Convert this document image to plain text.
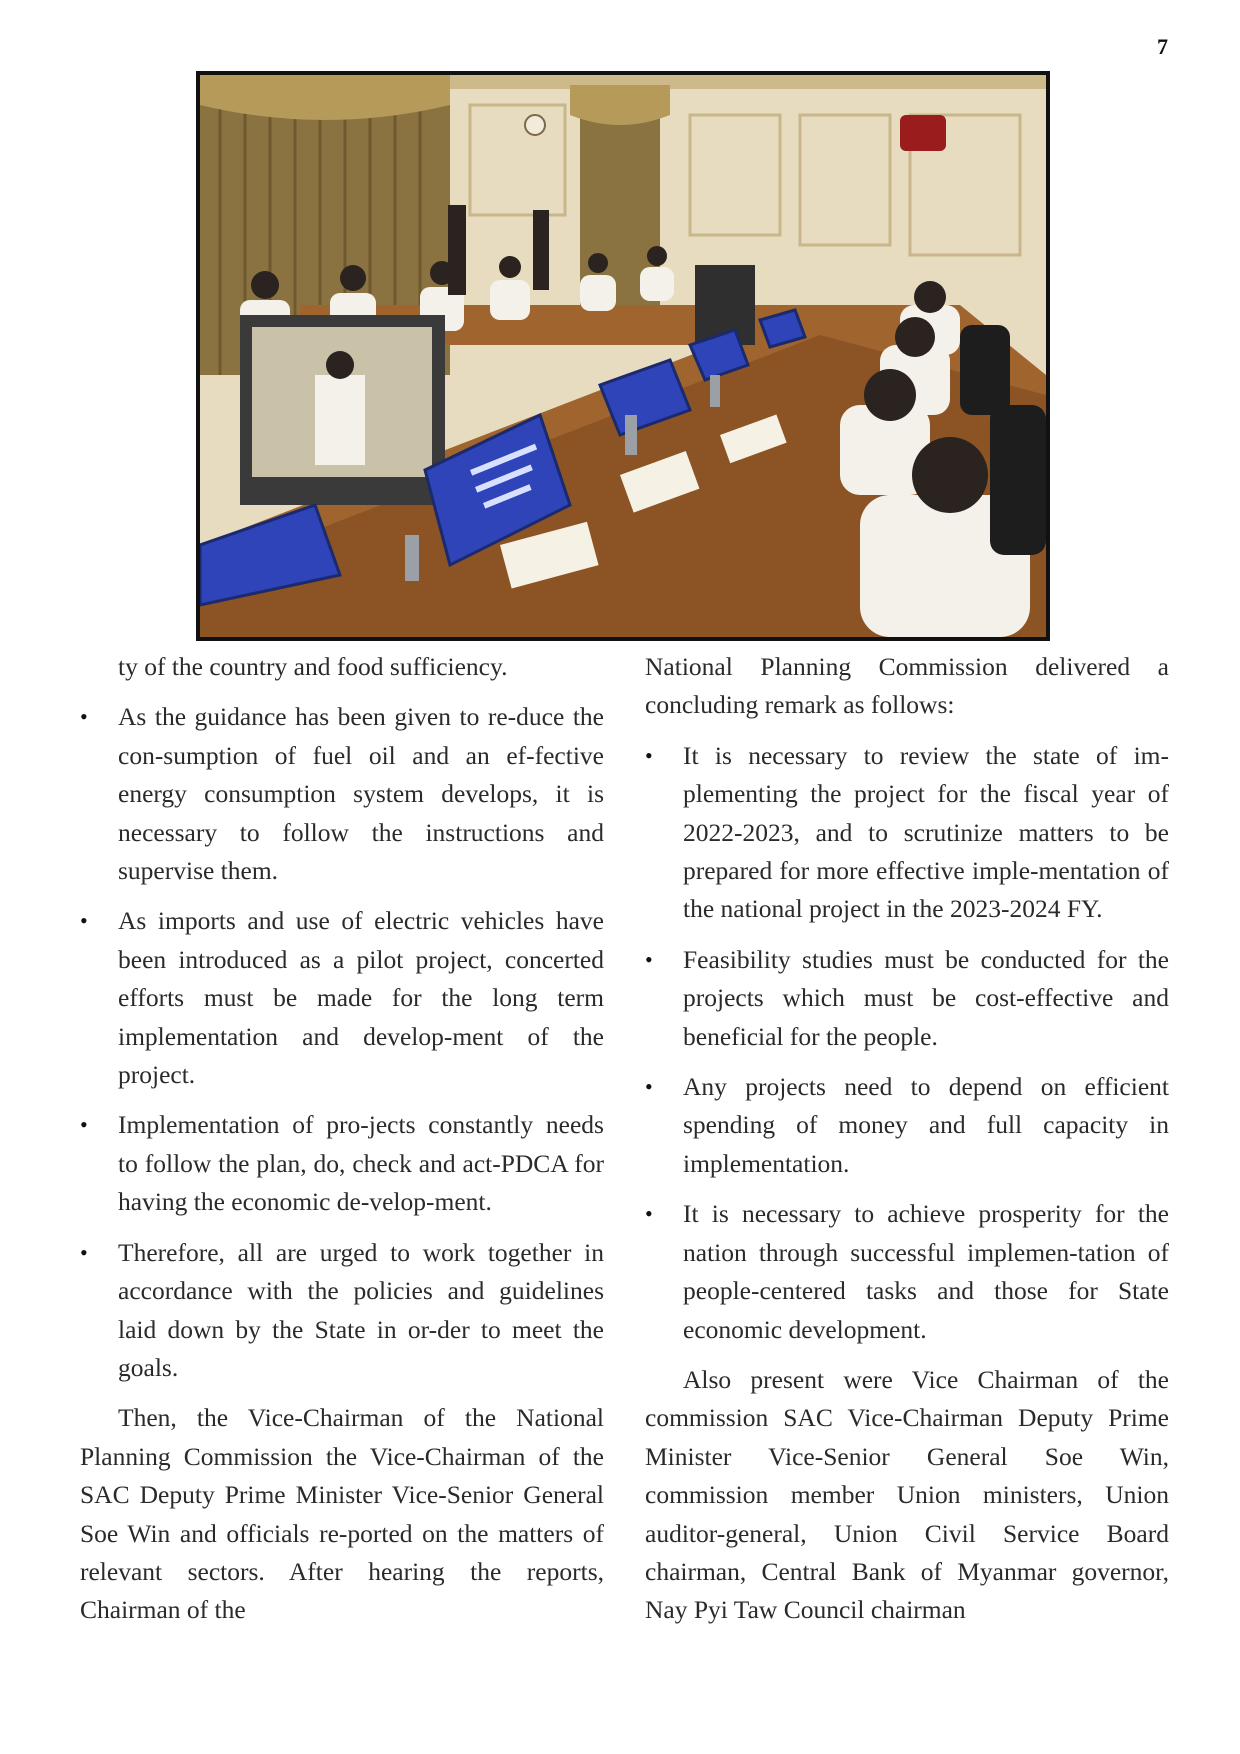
7

ty of the country and food sufficiency.

• As the guidance has been given to re-duce the con-sumption of fuel oil and an ef-fective energy consumption system develops, it is necessary to follow the instructions and supervise them.
• As imports and use of electric vehicles have been introduced as a pilot project, concerted efforts must be made for the long term implementation and develop-ment of the project.
• Implementation of pro-jects constantly needs to follow the plan, do, check and act-PDCA for having the economic de-velop-ment.
• Therefore, all are urged to work together in accordance with the policies and guidelines laid down by the State in or-der to meet the goals.

Then, the Vice-Chairman of the National Planning Commission the Vice-Chairman of the SAC Deputy Prime Minister Vice-Senior General Soe Win and officials re-ported on the matters of relevant sectors. After hearing the reports, Chairman of the

National Planning Commission delivered a concluding remark as follows:

• It is necessary to review the state of im-plementing the project for the fiscal year of 2022-2023, and to scrutinize matters to be prepared for more effective imple-mentation of the national project in the 2023-2024 FY.
• Feasibility studies must be conducted for the projects which must be cost-effective and beneficial for the people.
• Any projects need to depend on efficient spending of money and full capacity in implementation.
• It is necessary to achieve prosperity for the nation through successful implemen-tation of people-centered tasks and those for State economic development.

Also present were Vice Chairman of the commission SAC Vice-Chairman Deputy Prime Minister Vice-Senior General Soe Win, commission member Union ministers, Union auditor-general, Union Civil Service Board chairman, Central Bank of Myanmar governor, Nay Pyi Taw Council chairman
